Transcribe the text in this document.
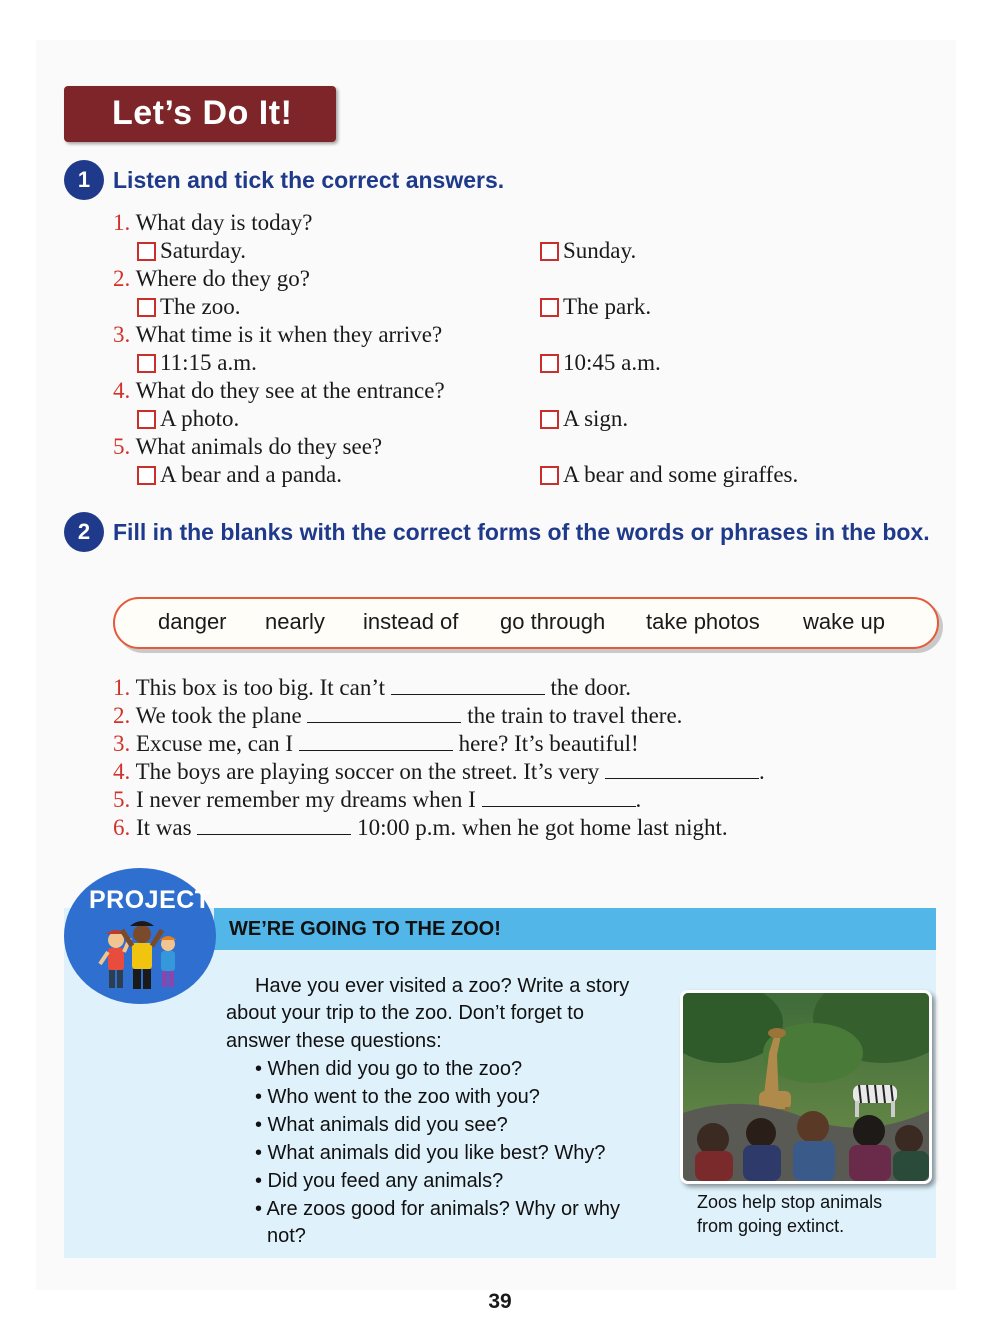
Let’s Do It!
1 Listen and tick the correct answers.
1. What day is today?
Saturday.	Sunday.
2. Where do they go?
The zoo.	The park.
3. What time is it when they arrive?
11:15 a.m.	10:45 a.m.
4. What do they see at the entrance?
A photo.	A sign.
5. What animals do they see?
A bear and a panda.	A bear and some giraffes.
2 Fill in the blanks with the correct forms of the words or phrases in the box.
danger nearly instead of go through take photos wake up
1. This box is too big. It can’t	the door.
2. We took the plane	the train to travel there.
3. Excuse me, can I	here? It’s beautiful!
4. The boys are playing soccer on the street. It’s very	.
5. I never remember my dreams when I	.
6. It was	10:00 p.m. when he got home last night.
WE’RE GOING TO THE ZOO!
PROJECT
Have you ever visited a zoo? Write a story
about your trip to the zoo. Don’t forget to
answer these questions:
• When did you go to the zoo?
• Who went to the zoo with you?
• What animals did you see?
• What animals did you like best? Why?
• Did you feed any animals?
• Are zoos good for animals? Why or why
not?
Zoos help stop animals
from going extinct.
39
